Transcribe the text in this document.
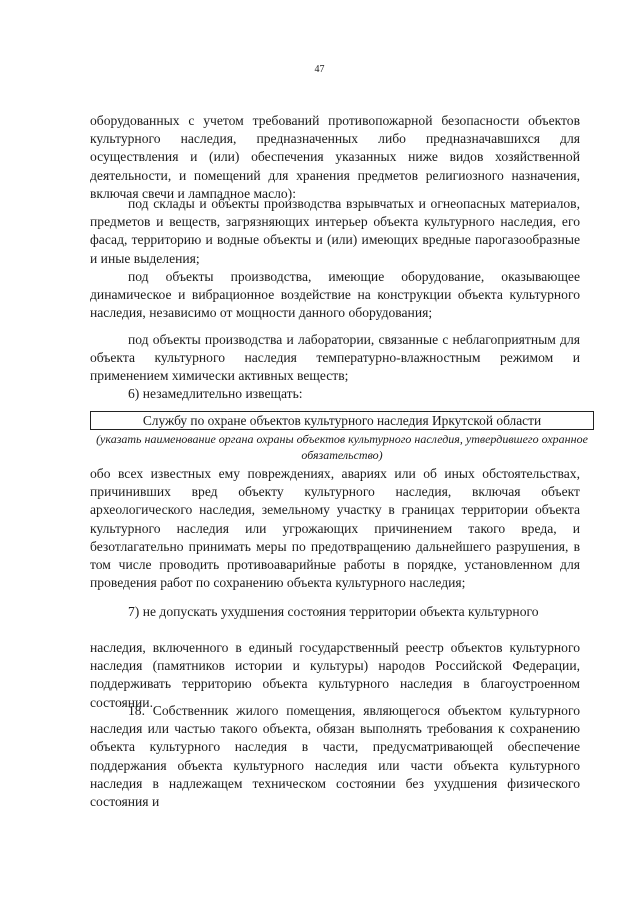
47
оборудованных с учетом требований противопожарной безопасности объектов культурного наследия, предназначенных либо предназначавшихся для осуществления и (или) обеспечения указанных ниже видов хозяйственной деятельности, и помещений для хранения предметов религиозного назначения, включая свечи и лампадное масло):
под склады и объекты производства взрывчатых и огнеопасных материалов, предметов и веществ, загрязняющих интерьер объекта культурного наследия, его фасад, территорию и водные объекты и (или) имеющих вредные парогазообразные и иные выделения;
под объекты производства, имеющие оборудование, оказывающее динамическое и вибрационное воздействие на конструкции объекта культурного наследия, независимо от мощности данного оборудования;
под объекты производства и лаборатории, связанные с неблагоприятным для объекта культурного наследия температурно-влажностным режимом и применением химически активных веществ;
6) незамедлительно извещать:
Службу по охране объектов культурного наследия Иркутской области
(указать наименование органа охраны объектов культурного наследия, утвердившего охранное обязательство)
обо всех известных ему повреждениях, авариях или об иных обстоятельствах, причинивших вред объекту культурного наследия, включая объект археологического наследия, земельному участку в границах территории объекта культурного наследия или угрожающих причинением такого вреда, и безотлагательно принимать меры по предотвращению дальнейшего разрушения, в том числе проводить противоаварийные работы в порядке, установленном для проведения работ по сохранению объекта культурного наследия;
7) не допускать ухудшения состояния территории объекта культурного
наследия, включенного в единый государственный реестр объектов культурного наследия (памятников истории и культуры) народов Российской Федерации, поддерживать территорию объекта культурного наследия в благоустроенном состоянии.
18. Собственник жилого помещения, являющегося объектом культурного наследия или частью такого объекта, обязан выполнять требования к сохранению объекта культурного наследия в части, предусматривающей обеспечение поддержания объекта культурного наследия или части объекта культурного наследия в надлежащем техническом состоянии без ухудшения физического состояния и
